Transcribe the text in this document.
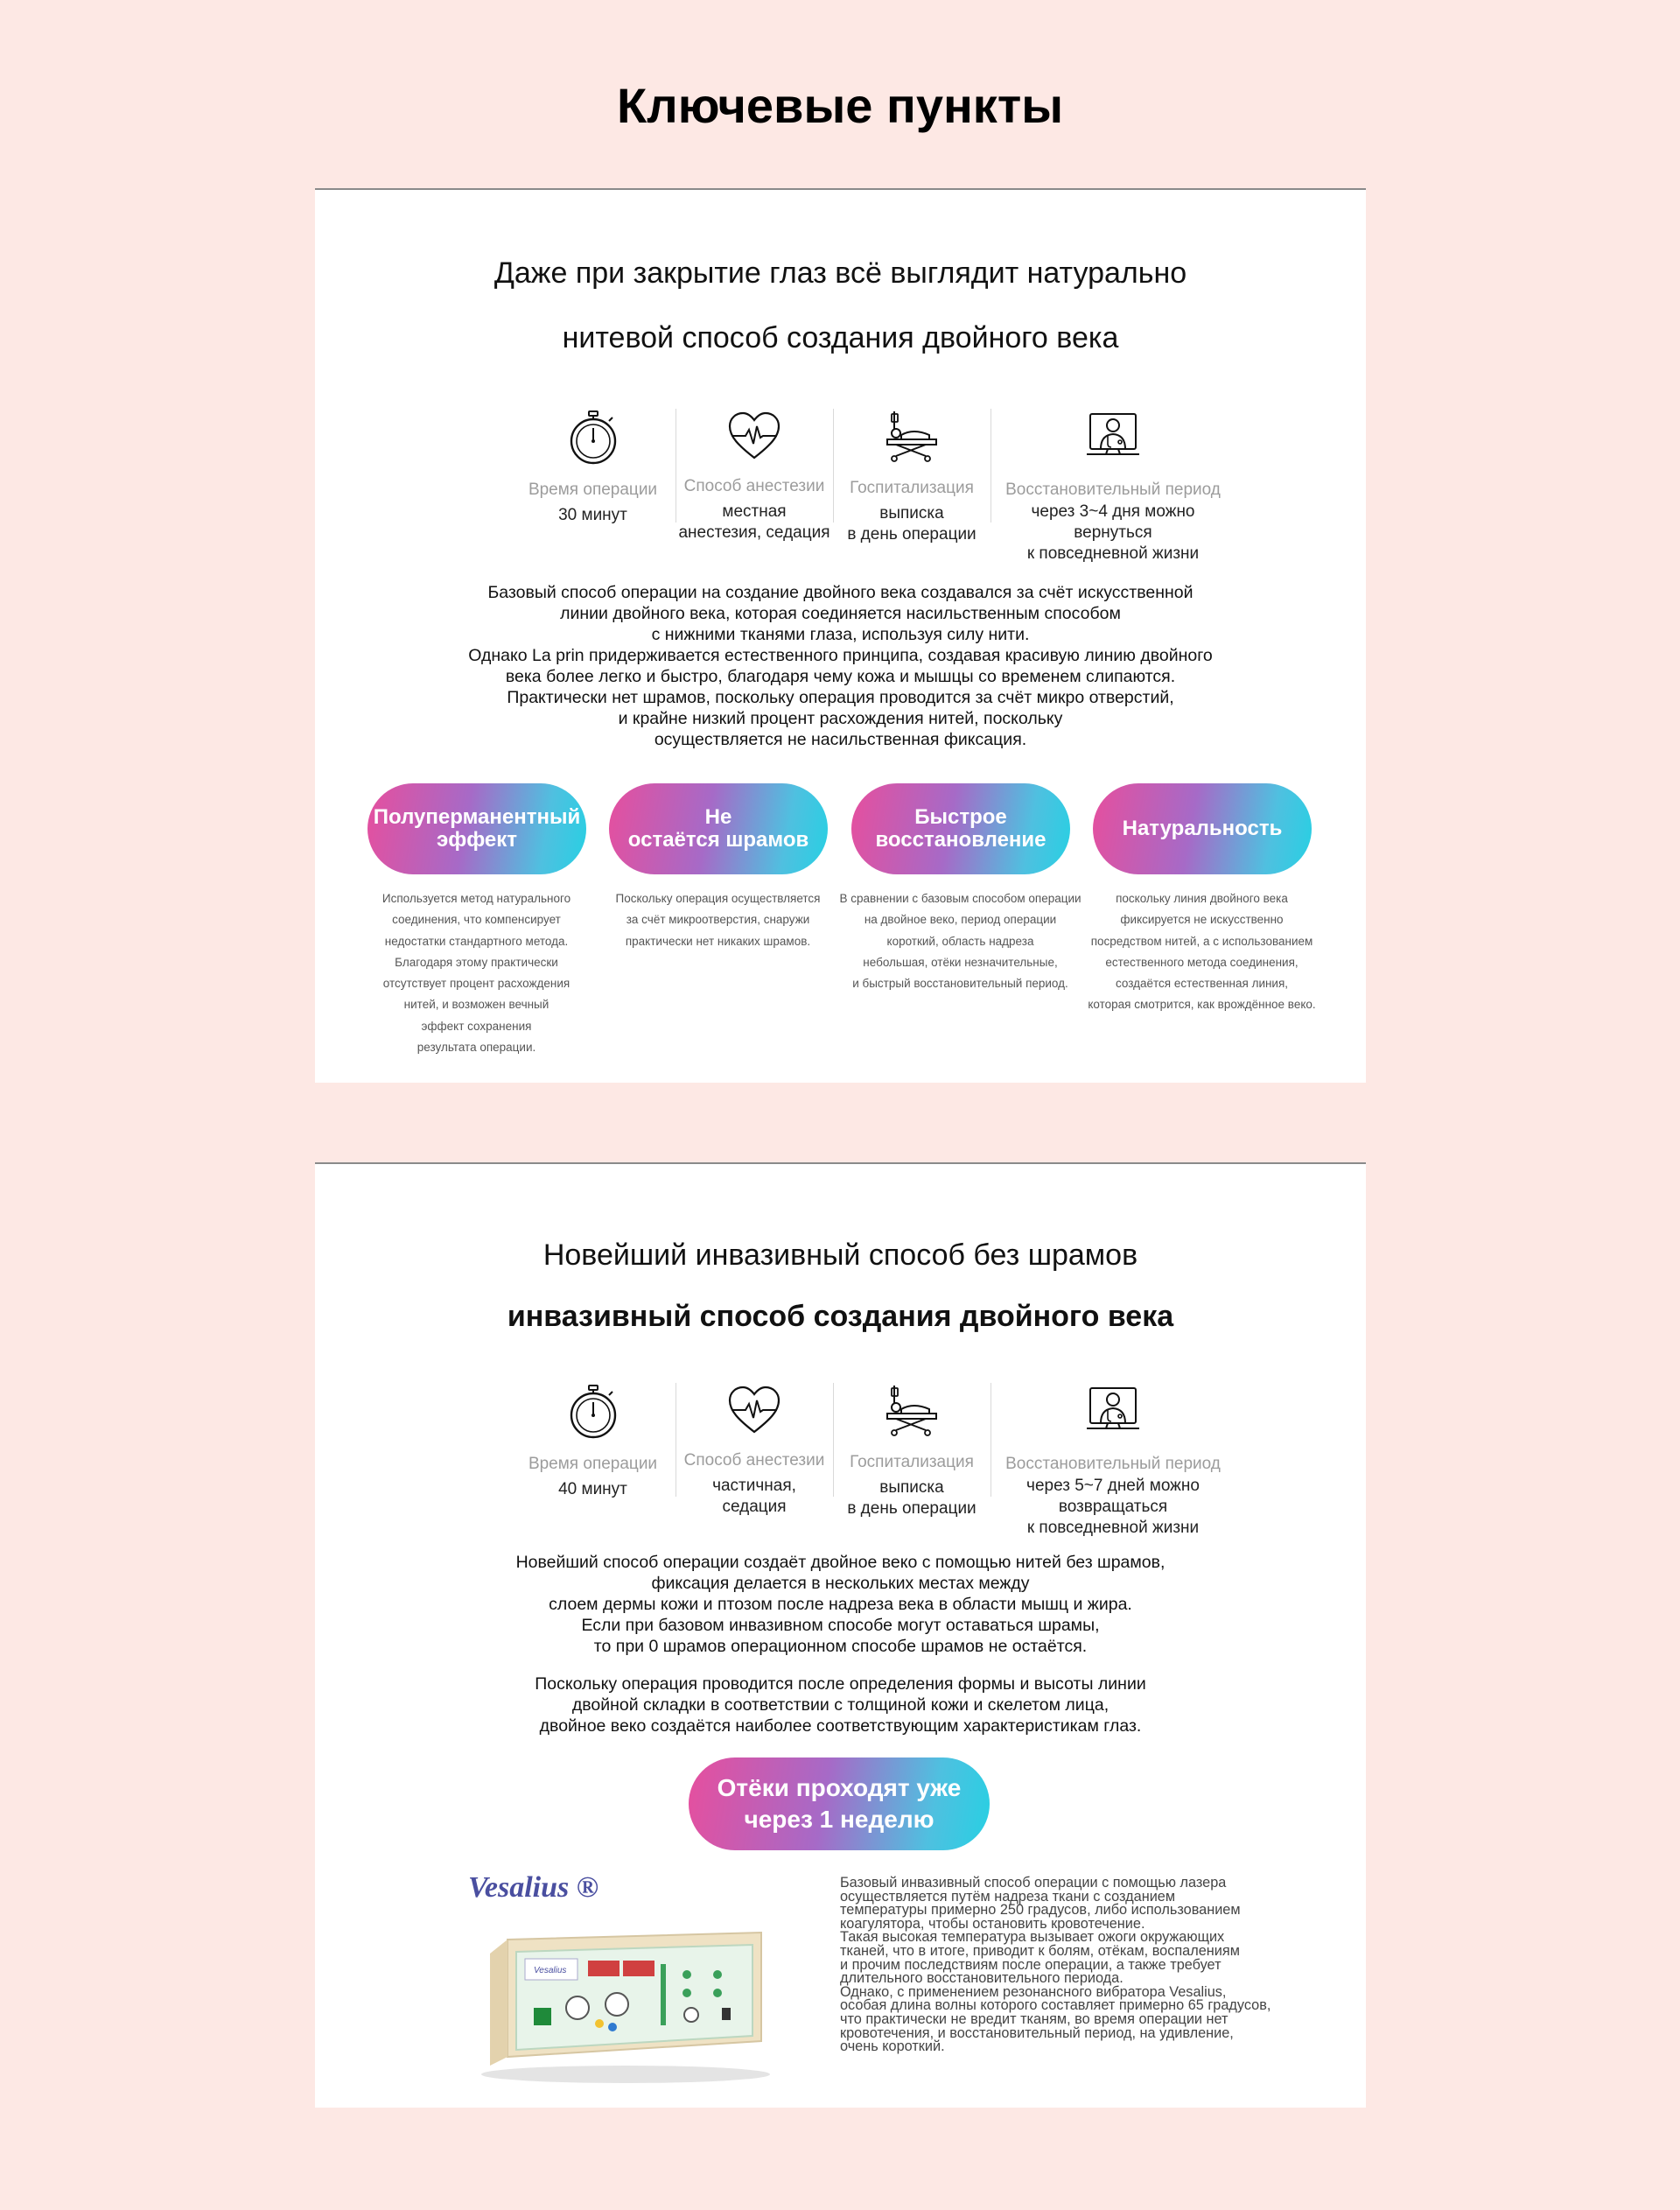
Ключевые пункты
Даже при закрытие глаз всё выглядит натурально
нитевой способ создания двойного века
Время операции
30 минут
Способ анестезии
местная
анестезия, седация
Госпитализация
выписка
в день операции
Восстановительный период
через 3~4 дня можно
вернуться
к повседневной жизни
Базовый способ операции на создание двойного века создавался за счёт искусственной
линии двойного века, которая соединяется насильственным способом
с нижними тканями глаза, используя силу нити.
Однако La prin придерживается естественного принципа, создавая красивую линию двойного
века более легко и быстро, благодаря чему кожа и мышцы со временем слипаются.
Практически нет шрамов, поскольку операция проводится за счёт микро отверстий,
и крайне низкий процент расхождения нитей, поскольку
осуществляется не насильственная фиксация.
Полуперманентный
эффект
Не
остаётся шрамов
Быстрое
восстановление	Натуральность
Используется метод натурального
соединения, что компенсирует
недостатки стандартного метода.
Благодаря этому практически
отсутствует процент расхождения
нитей, и возможен вечный
эффект сохранения
результата операции.
Поскольку операция осуществляется
за счёт микроотверстия, снаружи
практически нет никаких шрамов.
В сравнении с базовым способом операции
на двойное веко, период операции
короткий, область надреза
небольшая, отёки незначительные,
и быстрый восстановительный период.
поскольку линия двойного века
фиксируется не искусственно
посредством нитей, а с использованием
естественного метода соединения,
создаётся естественная линия,
которая смотрится, как врождённое веко.
Новейший инвазивный способ без шрамов
инвазивный способ создания двойного века
Время операции
40 минут
Способ анестезии
частичная,
седация
Госпитализация
выписка
в день операции
Восстановительный период
через 5~7 дней можно
возвращаться
к повседневной жизни
Новейший способ операции создаёт двойное веко с помощью нитей без шрамов,
фиксация делается в нескольких местах между
слоем дермы кожи и птозом после надреза века в области мышц и жира.
Если при базовом инвазивном способе могут оставаться шрамы,
то при 0 шрамов операционном способе шрамов не остаётся.
Поскольку операция проводится после определения формы и высоты линии
двойной складки в соответствии с толщиной кожи и скелетом лица,
двойное веко создаётся наиболее соответствующим характеристикам глаз.
Отёки проходят уже
через 1 неделю
Vesalius ®
Vesalius
Базовый инвазивный способ операции с помощью лазера
осуществляется путём надреза ткани с созданием
температуры примерно 250 градусов, либо использованием
коагулятора, чтобы остановить кровотечение.
Такая высокая температура вызывает ожоги окружающих
тканей, что в итоге, приводит к болям, отёкам, воспалениям
и прочим последствиям после операции, а также требует
длительного восстановительного периода.
Однако, с применением резонансного вибратора Vesalius,
особая длина волны которого составляет примерно 65 градусов,
что практически не вредит тканям, во время операции нет
кровотечения, и восстановительный период, на удивление,
очень короткий.
